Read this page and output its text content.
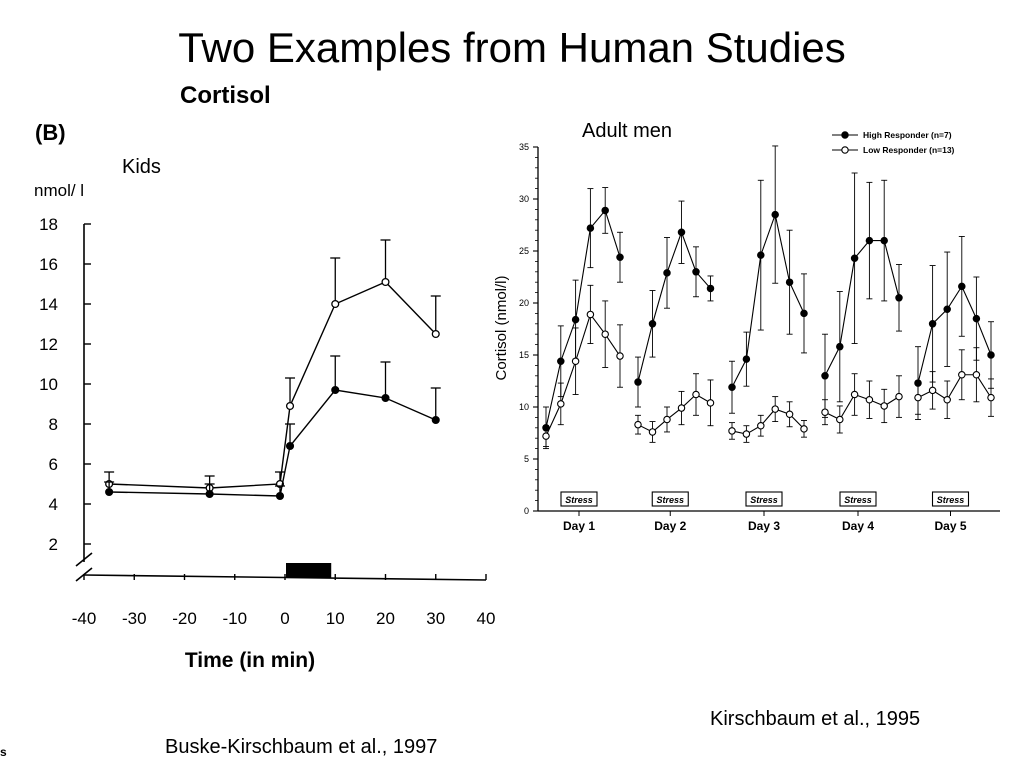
Two Examples from Human Studies
Cortisol
(B)
Kids
Adult men
Kirschbaum et al., 1995
Buske-Kirschbaum et al., 1997
s
2
4
6
8
10
12
14
16
18
-40 -30 -20 -10 0 10 20 30 40
nmol/ l
Time (in min)
0
5
10
15
20
25
30
35
Cortisol (nmol/l)
Day 1
Stress
Day 2
Stress
Day 3
Stress
Day 4
Stress
Day 5
Stress
High Responder (n=7)
Low Responder (n=13)
